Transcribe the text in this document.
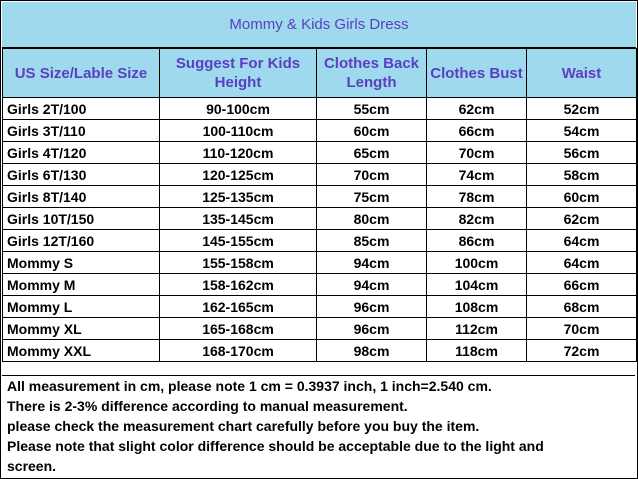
Mommy & Kids Girls Dress
US Size/Lable Size	Suggest For Kids Height	Clothes Back Length	Clothes Bust	Waist
Girls 2T/100	90-100cm	55cm	62cm	52cm
Girls 3T/110	100-110cm	60cm	66cm	54cm
Girls 4T/120	110-120cm	65cm	70cm	56cm
Girls 6T/130	120-125cm	70cm	74cm	58cm
Girls 8T/140	125-135cm	75cm	78cm	60cm
Girls 10T/150	135-145cm	80cm	82cm	62cm
Girls 12T/160	145-155cm	85cm	86cm	64cm
Mommy S	155-158cm	94cm	100cm	64cm
Mommy M	158-162cm	94cm	104cm	66cm
Mommy L	162-165cm	96cm	108cm	68cm
Mommy XL	165-168cm	96cm	112cm	70cm
Mommy XXL	168-170cm	98cm	118cm	72cm
All measurement in cm, please note 1 cm = 0.3937 inch, 1 inch=2.540 cm.
There is 2-3% difference according to manual measurement.
please check the measurement chart carefully before you buy the item.
Please note that slight color difference should be acceptable due to the light and
screen.
